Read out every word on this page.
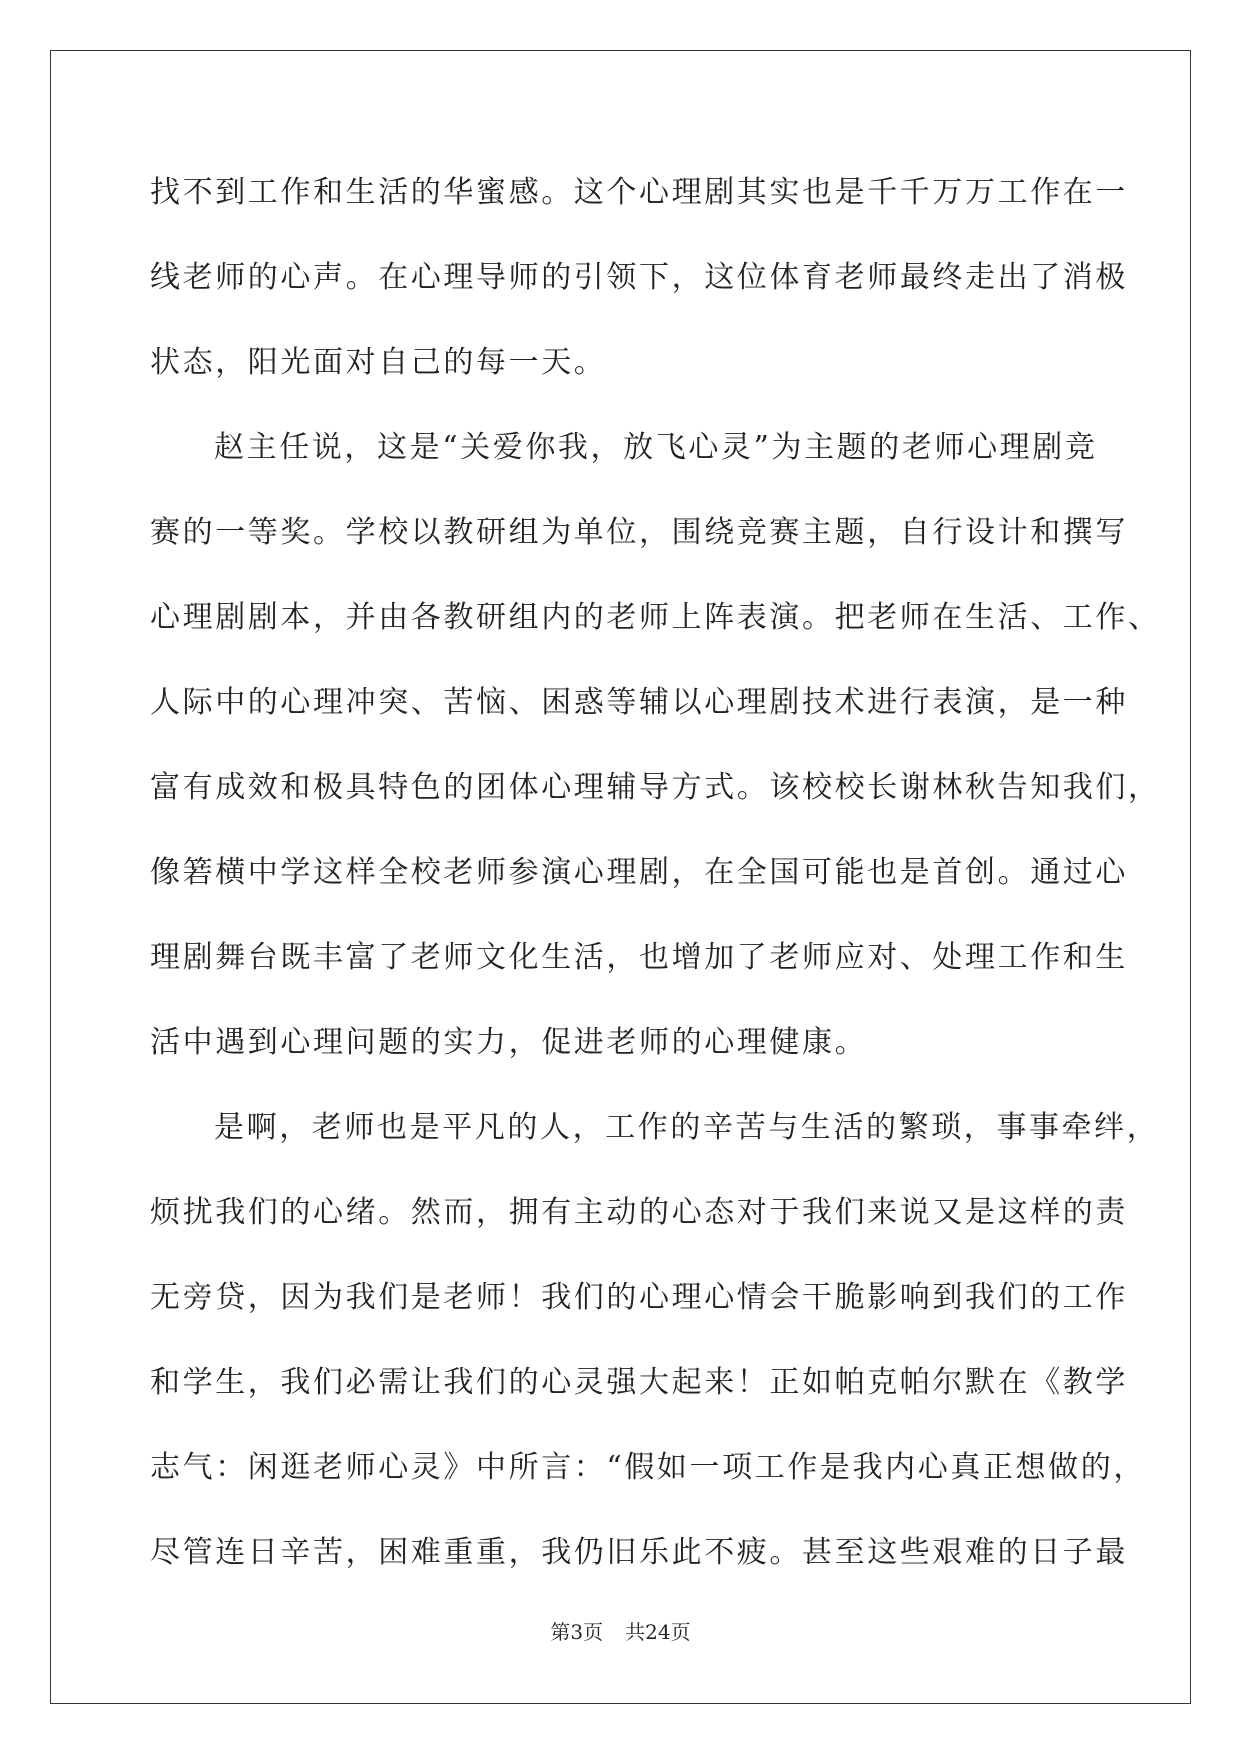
找不到工作和生活的华蜜感。这个心理剧其实也是千千万万工作在一
线老师的心声。在心理导师的引领下，这位体育老师最终走出了消极
状态，阳光面对自己的每一天。
赵主任说，这是“关爱你我，放飞心灵”为主题的老师心理剧竞
赛的一等奖。学校以教研组为单位，围绕竞赛主题，自行设计和撰写
心理剧剧本，并由各教研组内的老师上阵表演。把老师在生活、工作、
人际中的心理冲突、苦恼、困惑等辅以心理剧技术进行表演，是一种
富有成效和极具特色的团体心理辅导方式。该校校长谢林秋告知我们，
像箬横中学这样全校老师参演心理剧，在全国可能也是首创。通过心
理剧舞台既丰富了老师文化生活，也增加了老师应对、处理工作和生
活中遇到心理问题的实力，促进老师的心理健康。
是啊，老师也是平凡的人，工作的辛苦与生活的繁琐，事事牵绊，
烦扰我们的心绪。然而，拥有主动的心态对于我们来说又是这样的责
无旁贷，因为我们是老师！我们的心理心情会干脆影响到我们的工作
和学生，我们必需让我们的心灵强大起来！正如帕克帕尔默在《教学
志气：闲逛老师心灵》中所言：“假如一项工作是我内心真正想做的，
尽管连日辛苦，困难重重，我仍旧乐此不疲。甚至这些艰难的日子最
第3页 共24页
